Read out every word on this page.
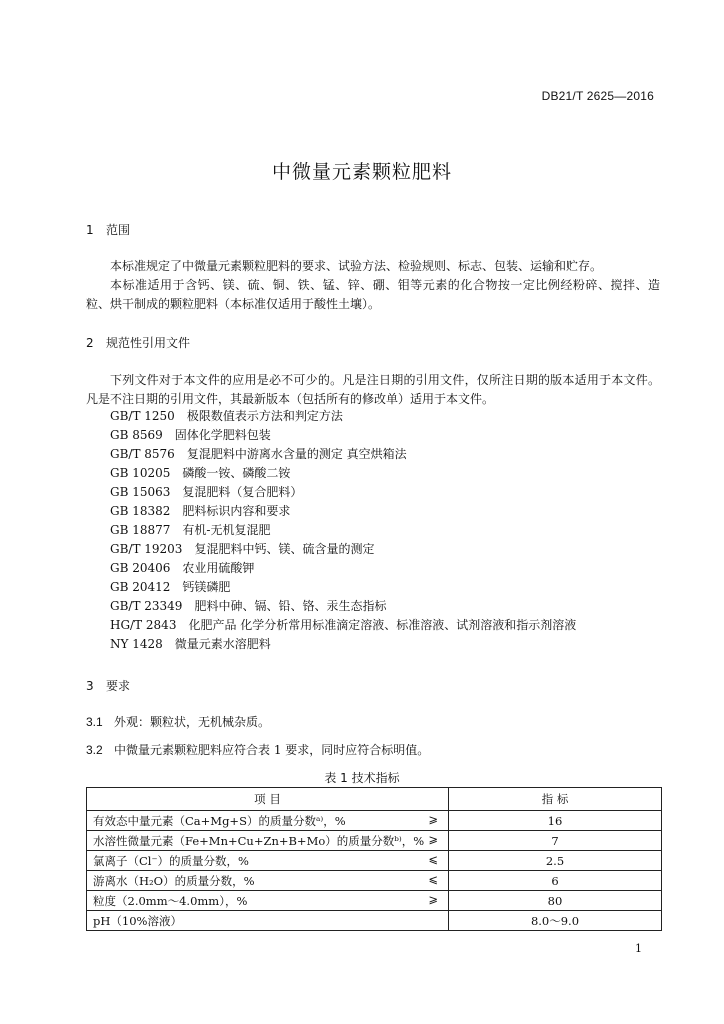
DB21/T 2625—2016
中微量元素颗粒肥料
1 范围

本标准规定了中微量元素颗粒肥料的要求、试验方法、检验规则、标志、包装、运输和贮存。

本标准适用于含钙、镁、硫、铜、铁、锰、锌、硼、钼等元素的化合物按一定比例经粉碎、搅拌、造粒、烘干制成的颗粒肥料（本标准仅适用于酸性土壤）。

2 规范性引用文件

下列文件对于本文件的应用是必不可少的。凡是注日期的引用文件，仅所注日期的版本适用于本文件。凡是不注日期的引用文件，其最新版本（包括所有的修改单）适用于本文件。

GB/T 1250 极限数值表示方法和判定方法
GB 8569 固体化学肥料包装
GB/T 8576 复混肥料中游离水含量的测定 真空烘箱法
GB 10205 磷酸一铵、磷酸二铵
GB 15063 复混肥料（复合肥料）
GB 18382 肥料标识内容和要求
GB 18877 有机-无机复混肥
GB/T 19203 复混肥料中钙、镁、硫含量的测定
GB 20406 农业用硫酸钾
GB 20412 钙镁磷肥
GB/T 23349 肥料中砷、镉、铅、铬、汞生态指标
HG/T 2843 化肥产品 化学分析常用标准滴定溶液、标准溶液、试剂溶液和指示剂溶液
NY 1428 微量元素水溶肥料
3 要求
3.1 外观：颗粒状，无机械杂质。
3.2 中微量元素颗粒肥料应符合表 1 要求，同时应符合标明值。
表 1 技术指标
项 目	指 标
有效态中量元素（Ca+Mg+S）的质量分数ᵃ⁾，% ⩾	16
水溶性微量元素（Fe+Mn+Cu+Zn+B+Mo）的质量分数ᵇ⁾，% ⩾	7
氯离子（Cl⁻）的质量分数，% ⩽	2.5
游离水（H₂O）的质量分数，% ⩽	6
粒度（2.0mm～4.0mm），% ⩾	80
pH（10%溶液）	8.0～9.0
1
